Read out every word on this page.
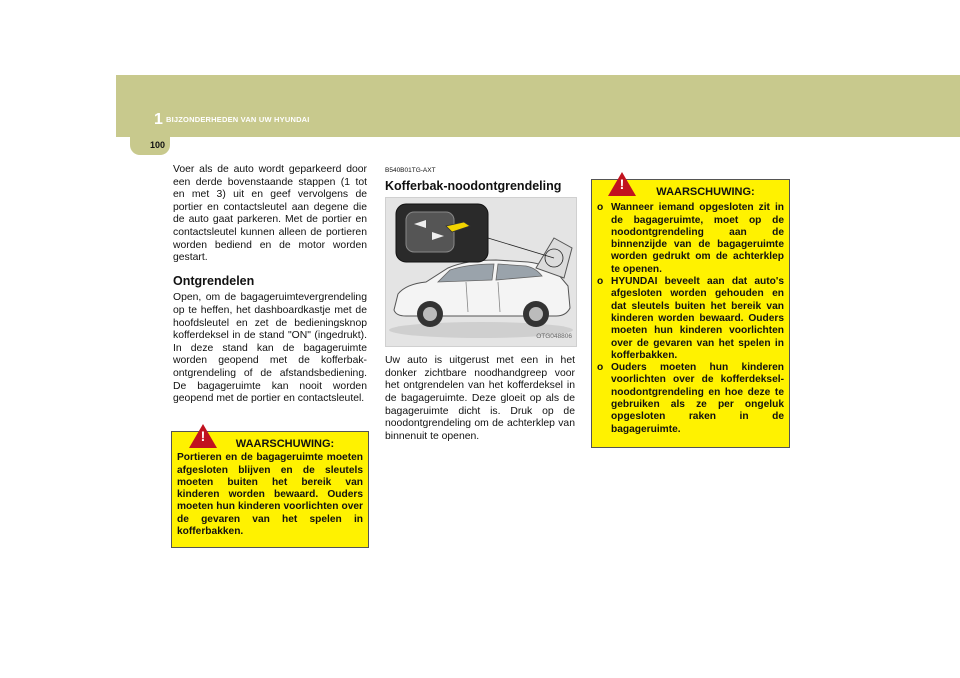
1 BIJZONDERHEDEN VAN UW HYUNDAI
100

Voer als de auto wordt geparkeerd door een derde bovenstaande stappen (1 tot en met 3) uit en geef vervolgens de portier en contactsleutel aan degene die de auto gaat parkeren. Met de portier en contactsleutel kunnen alleen de portieren worden bediend en de motor worden gestart.

Ontgrendelen

Open, om de bagageruimtevergrendeling op te heffen, het dashboardkastje met de hoofdsleutel en zet de bedieningsknop kofferdeksel in de stand "ON" (ingedrukt). In deze stand kan de bagageruimte worden geopend met de kofferbak-ontgrendeling of de afstandsbediening. De bagageruimte kan nooit worden geopend met de portier en contactsleutel.

!	WAARSCHUWING:
Portieren en de bagageruimte moeten afgesloten blijven en de sleutels moeten buiten het bereik van kinderen worden bewaard. Ouders moeten hun kinderen voorlichten over de gevaren van het spelen in kofferbakken.
B540B01TG-AXT
Kofferbak-noodontgrendeling
OTG048806

Uw auto is uitgerust met een in het donker zichtbare noodhandgreep voor het ontgrendelen van het kofferdeksel in de bagageruimte. Deze gloeit op als de bagageruimte dicht is. Druk op de noodontgrendeling om de achterklep van binnenuit te openen.

!	WAARSCHUWING:
o Wanneer iemand opgesloten zit in de bagageruimte, moet op de noodontgrendeling aan de binnenzijde van de bagageruimte worden gedrukt om de achterklep te openen.
o HYUNDAI beveelt aan dat auto's afgesloten worden gehouden en dat sleutels buiten het bereik van kinderen worden bewaard. Ouders moeten hun kinderen voorlichten over de gevaren van het spelen in kofferbakken.
o Ouders moeten hun kinderen voorlichten over de kofferdeksel-noodontgrendeling en hoe deze te gebruiken als ze per ongeluk opgesloten raken in de bagageruimte.
